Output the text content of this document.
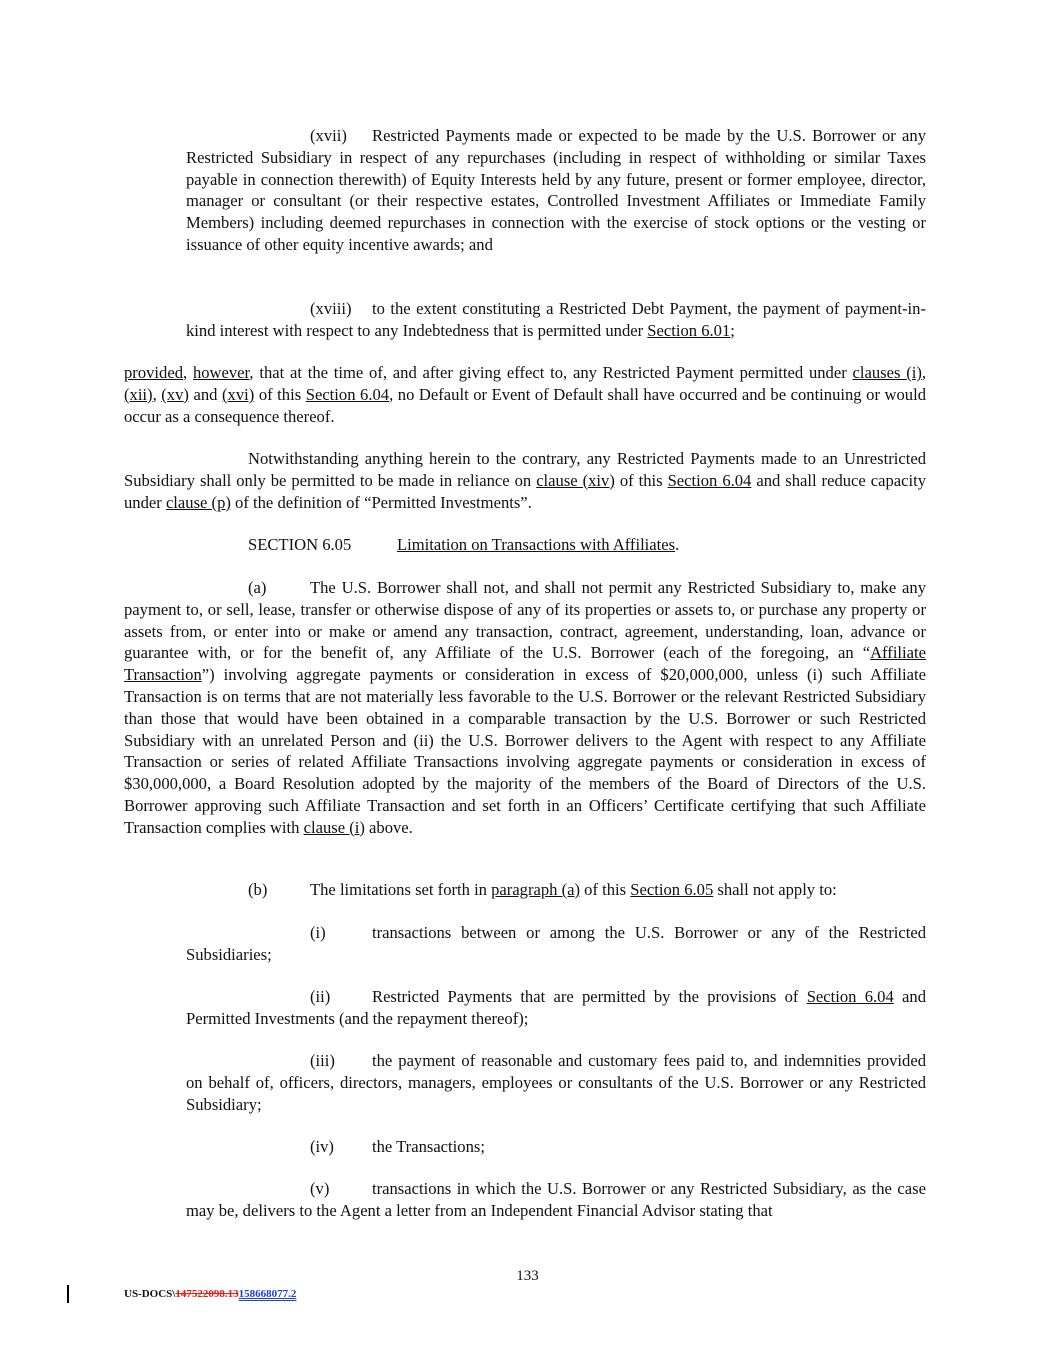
(xvii) Restricted Payments made or expected to be made by the U.S. Borrower or any Restricted Subsidiary in respect of any repurchases (including in respect of withholding or similar Taxes payable in connection therewith) of Equity Interests held by any future, present or former employee, director, manager or consultant (or their respective estates, Controlled Investment Affiliates or Immediate Family Members) including deemed repurchases in connection with the exercise of stock options or the vesting or issuance of other equity incentive awards; and

(xviii) to the extent constituting a Restricted Debt Payment, the payment of payment-in-kind interest with respect to any Indebtedness that is permitted under Section 6.01;

provided, however, that at the time of, and after giving effect to, any Restricted Payment permitted under clauses (i), (xii), (xv) and (xvi) of this Section 6.04, no Default or Event of Default shall have occurred and be continuing or would occur as a consequence thereof.

Notwithstanding anything herein to the contrary, any Restricted Payments made to an Unrestricted Subsidiary shall only be permitted to be made in reliance on clause (xiv) of this Section 6.04 and shall reduce capacity under clause (p) of the definition of “Permitted Investments”.

SECTION 6.05	Limitation on Transactions with Affiliates.

(a)	The U.S. Borrower shall not, and shall not permit any Restricted Subsidiary to, make any payment to, or sell, lease, transfer or otherwise dispose of any of its properties or assets to, or purchase any property or assets from, or enter into or make or amend any transaction, contract, agreement, understanding, loan, advance or guarantee with, or for the benefit of, any Affiliate of the U.S. Borrower (each of the foregoing, an “Affiliate Transaction”) involving aggregate payments or consideration in excess of $20,000,000, unless (i) such Affiliate Transaction is on terms that are not materially less favorable to the U.S. Borrower or the relevant Restricted Subsidiary than those that would have been obtained in a comparable transaction by the U.S. Borrower or such Restricted Subsidiary with an unrelated Person and (ii) the U.S. Borrower delivers to the Agent with respect to any Affiliate Transaction or series of related Affiliate Transactions involving aggregate payments or consideration in excess of $30,000,000, a Board Resolution adopted by the majority of the members of the Board of Directors of the U.S. Borrower approving such Affiliate Transaction and set forth in an Officers’ Certificate certifying that such Affiliate Transaction complies with clause (i) above.

(b)	The limitations set forth in paragraph (a) of this Section 6.05 shall not apply to:

(i)	transactions between or among the U.S. Borrower or any of the Restricted Subsidiaries;

(ii)	Restricted Payments that are permitted by the provisions of Section 6.04 and Permitted Investments (and the repayment thereof);

(iii) the payment of reasonable and customary fees paid to, and indemnities provided on behalf of, officers, directors, managers, employees or consultants of the U.S. Borrower or any Restricted Subsidiary;

(iv) the Transactions;

(v)	transactions in which the U.S. Borrower or any Restricted Subsidiary, as the case may be, delivers to the Agent a letter from an Independent Financial Advisor stating that

133
US-DOCS\147522098.13158668077.2
